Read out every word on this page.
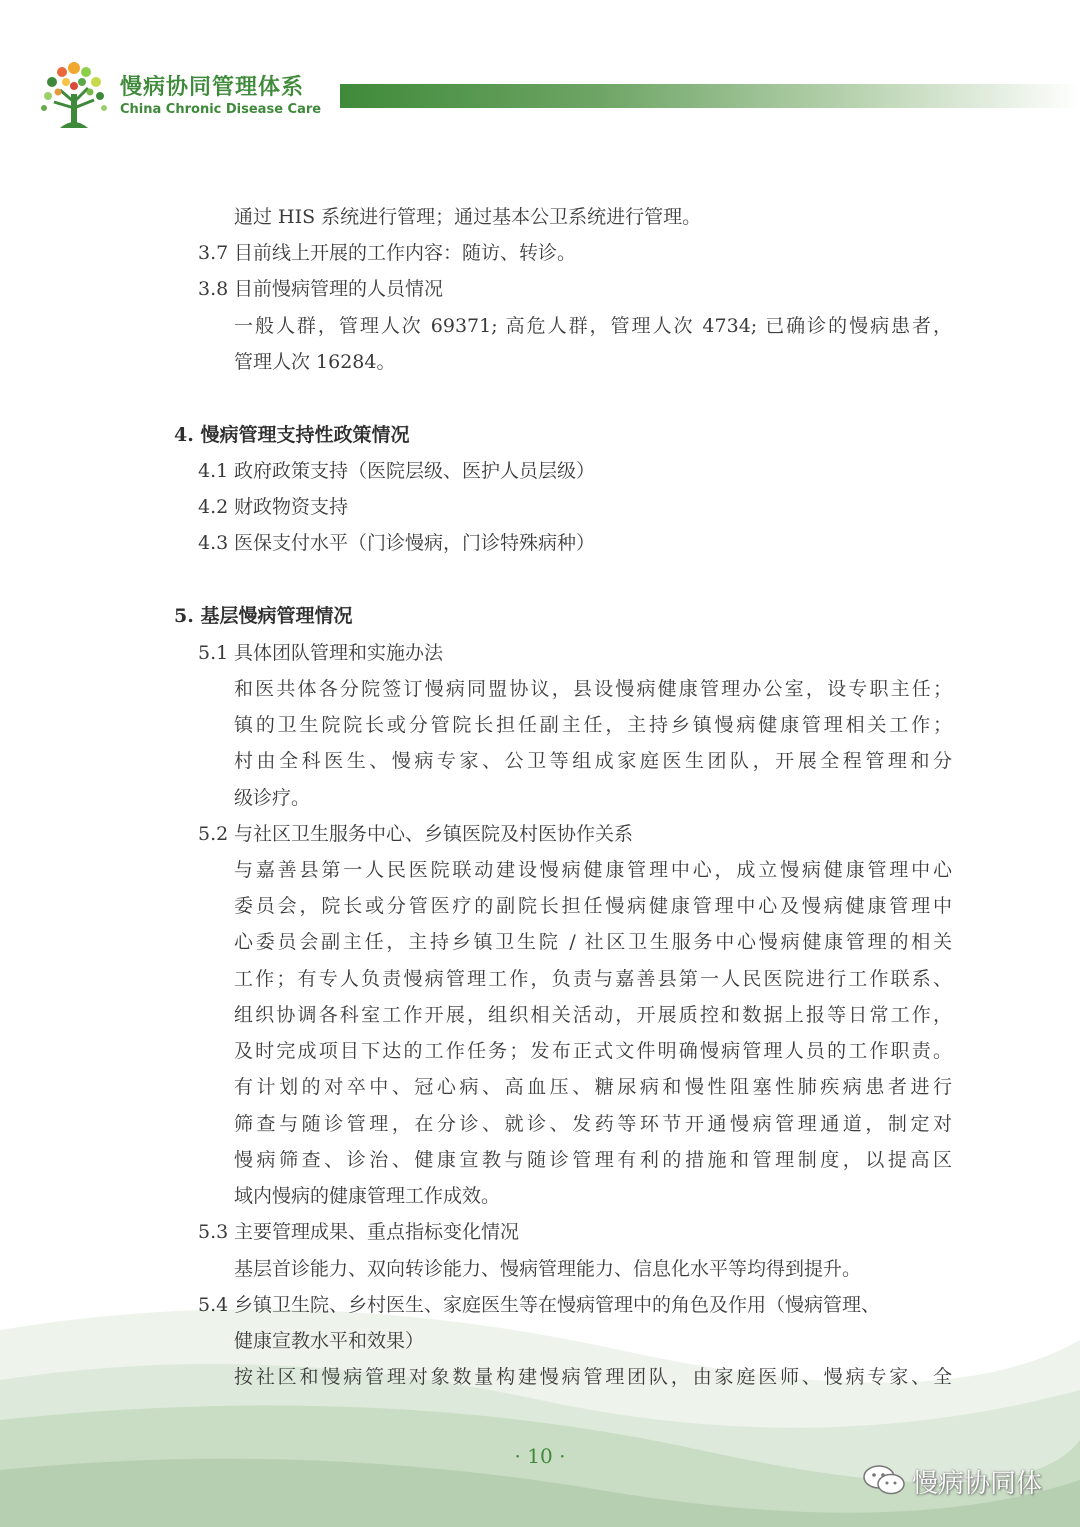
慢病协同管理体系
China Chronic Disease Care
通过 HIS 系统进行管理；通过基本公卫系统进行管理。
3.7 目前线上开展的工作内容：随访、转诊。
3.8 目前慢病管理的人员情况
一般人群，管理人次 69371; 高危人群，管理人次 4734; 已确诊的慢病患者，
管理人次 16284。
4. 慢病管理支持性政策情况
4.1 政府政策支持（医院层级、医护人员层级）
4.2 财政物资支持
4.3 医保支付水平（门诊慢病，门诊特殊病种）
5. 基层慢病管理情况
5.1 具体团队管理和实施办法
和医共体各分院签订慢病同盟协议，县设慢病健康管理办公室，设专职主任；
镇的卫生院院长或分管院长担任副主任，主持乡镇慢病健康管理相关工作；
村由全科医生、慢病专家、公卫等组成家庭医生团队，开展全程管理和分
级诊疗。
5.2 与社区卫生服务中心、乡镇医院及村医协作关系
与嘉善县第一人民医院联动建设慢病健康管理中心，成立慢病健康管理中心
委员会，院长或分管医疗的副院长担任慢病健康管理中心及慢病健康管理中
心委员会副主任，主持乡镇卫生院 / 社区卫生服务中心慢病健康管理的相关
工作；有专人负责慢病管理工作，负责与嘉善县第一人民医院进行工作联系、
组织协调各科室工作开展，组织相关活动，开展质控和数据上报等日常工作，
及时完成项目下达的工作任务；发布正式文件明确慢病管理人员的工作职责。
有计划的对卒中、冠心病、高血压、糖尿病和慢性阻塞性肺疾病患者进行
筛查与随诊管理，在分诊、就诊、发药等环节开通慢病管理通道，制定对
慢病筛查、诊治、健康宣教与随诊管理有利的措施和管理制度，以提高区
域内慢病的健康管理工作成效。
5.3 主要管理成果、重点指标变化情况
基层首诊能力、双向转诊能力、慢病管理能力、信息化水平等均得到提升。
5.4 乡镇卫生院、乡村医生、家庭医生等在慢病管理中的角色及作用（慢病管理、
健康宣教水平和效果）
按社区和慢病管理对象数量构建慢病管理团队，由家庭医师、慢病专家、全
· 10 ·
慢病协同体
